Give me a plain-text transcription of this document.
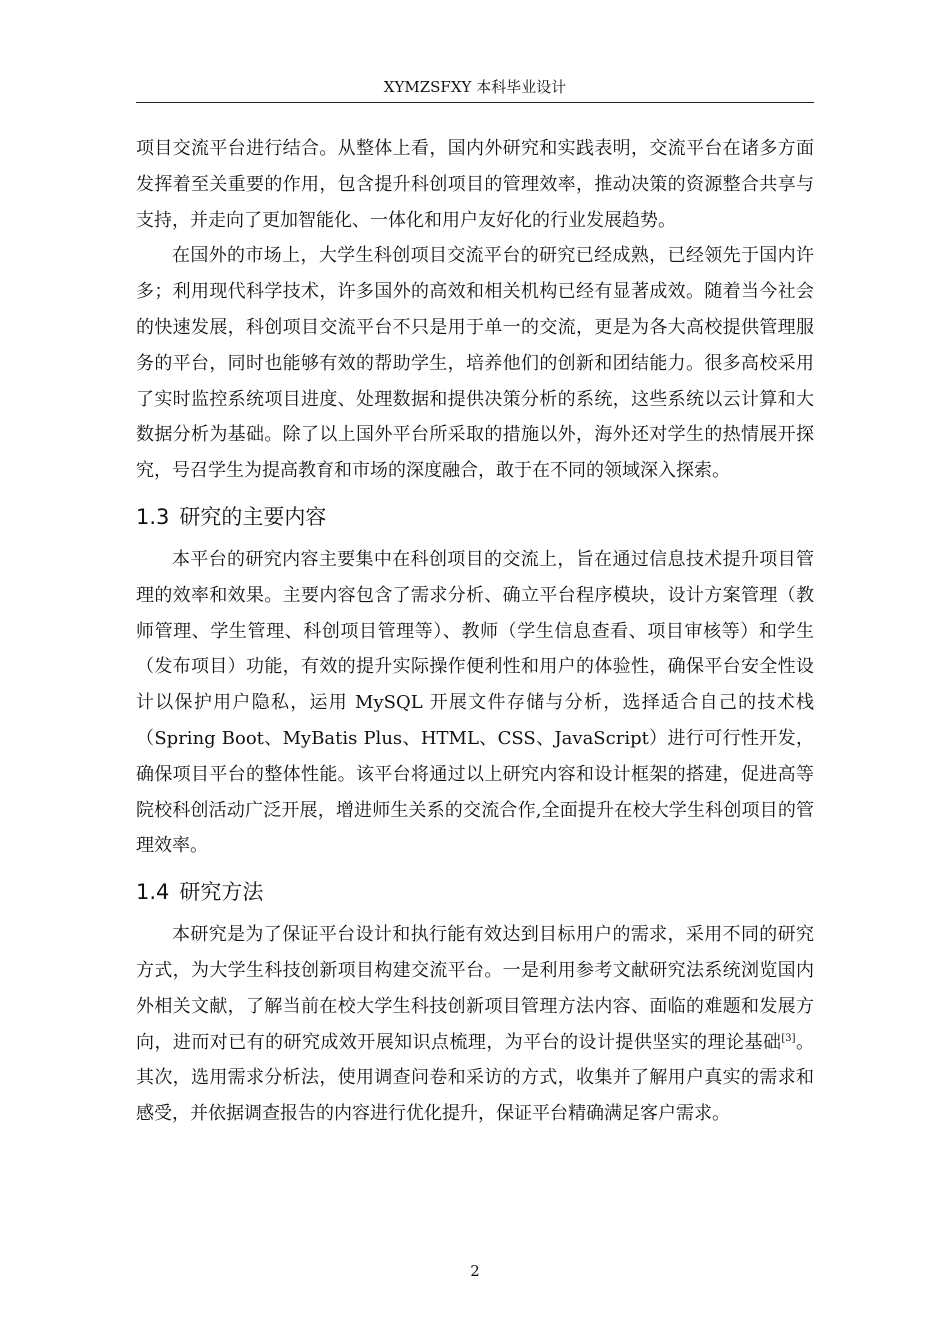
XYMZSFXY 本科毕业设计

项目交流平台进行结合。从整体上看，国内外研究和实践表明，交流平台在诸多方面发挥着至关重要的作用，包含提升科创项目的管理效率，推动决策的资源整合共享与支持，并走向了更加智能化、一体化和用户友好化的行业发展趋势。

在国外的市场上，大学生科创项目交流平台的研究已经成熟，已经领先于国内许多；利用现代科学技术，许多国外的高效和相关机构已经有显著成效。随着当今社会的快速发展，科创项目交流平台不只是用于单一的交流，更是为各大高校提供管理服务的平台，同时也能够有效的帮助学生，培养他们的创新和团结能力。很多高校采用了实时监控系统项目进度、处理数据和提供决策分析的系统，这些系统以云计算和大数据分析为基础。除了以上国外平台所采取的措施以外，海外还对学生的热情展开探究，号召学生为提高教育和市场的深度融合，敢于在不同的领域深入探索。

1.3 研究的主要内容

本平台的研究内容主要集中在科创项目的交流上，旨在通过信息技术提升项目管理的效率和效果。主要内容包含了需求分析、确立平台程序模块，设计方案管理（教师管理、学生管理、科创项目管理等）、教师（学生信息查看、项目审核等）和学生（发布项目）功能，有效的提升实际操作便利性和用户的体验性，确保平台安全性设计以保护用户隐私，运用 MySQL 开展文件存储与分析，选择适合自己的技术栈（Spring Boot、MyBatis Plus、HTML、CSS、JavaScript）进行可行性开发，确保项目平台的整体性能。该平台将通过以上研究内容和设计框架的搭建，促进高等院校科创活动广泛开展，增进师生关系的交流合作,全面提升在校大学生科创项目的管理效率。

1.4 研究方法

本研究是为了保证平台设计和执行能有效达到目标用户的需求，采用不同的研究方式，为大学生科技创新项目构建交流平台。一是利用参考文献研究法系统浏览国内外相关文献，了解当前在校大学生科技创新项目管理方法内容、面临的难题和发展方向，进而对已有的研究成效开展知识点梳理，为平台的设计提供坚实的理论基础[3]。其次，选用需求分析法，使用调查问卷和采访的方式，收集并了解用户真实的需求和感受，并依据调查报告的内容进行优化提升，保证平台精确满足客户需求。

2
